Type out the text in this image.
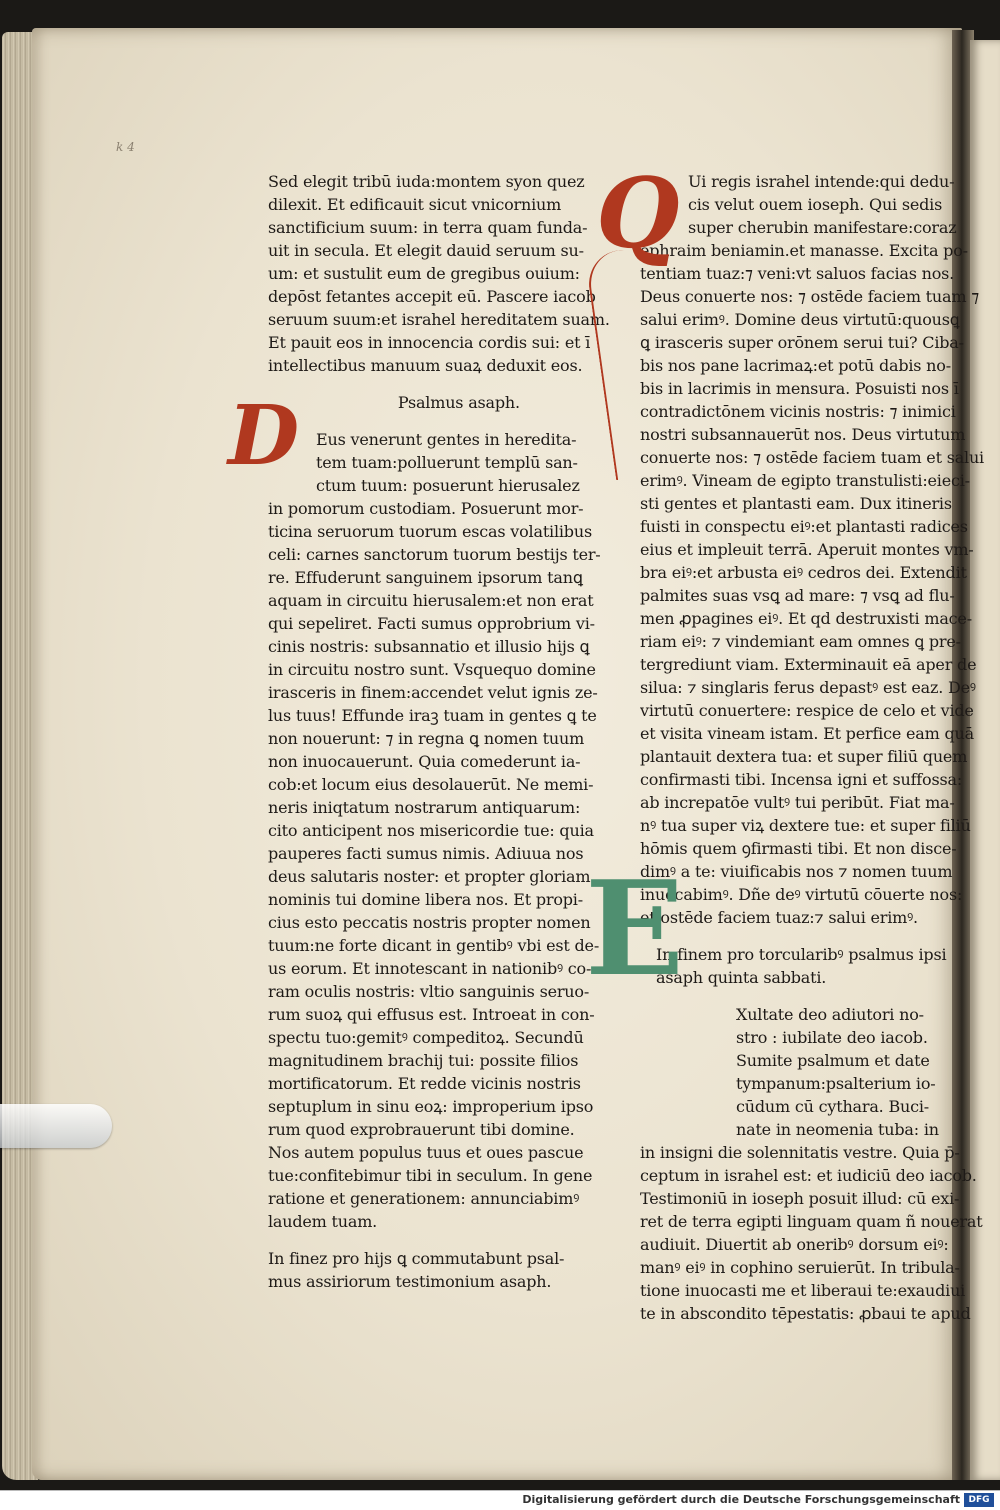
k 4
Sed elegit tribū iuda:montem syon quez
dilexit. Et edificauit sicut vnicornium
sanctificium suum: in terra quam funda-
uit in secula. Et elegit dauid seruum su-
um: et sustulit eum de gregibus ouium:
depōst fetantes accepit eū. Pascere iacob
seruum suum:et israhel hereditatem suam.
Et pauit eos in innocencia cordis sui: et ī
intellectibus manuum suaꝝ deduxit eos.
Psalmus asaph.
Eus venerunt gentes in heredita-
tem tuam:polluerunt templū san-
ctum tuum: posuerunt hierusalez
in pomorum custodiam. Posuerunt mor-
ticina seruorum tuorum escas volatilibus
celi: carnes sanctorum tuorum bestijs ter-
re. Effuderunt sanguinem ipsorum tanꝗ
aquam in circuitu hierusalem:et non erat
qui sepeliret. Facti sumus opprobrium vi-
cinis nostris: subsannatio et illusio hijs ꝗ
in circuitu nostro sunt. Vsquequo domine
irasceris in finem:accendet velut ignis ze-
lus tuus! Effunde iraꝫ tuam in gentes ꝗ te
non nouerunt: ⁊ in regna ꝗ nomen tuum
non inuocauerunt. Quia comederunt ia-
cob:et locum eius desolauerūt. Ne memi-
neris iniqtatum nostrarum antiquarum:
cito anticipent nos misericordie tue: quia
pauperes facti sumus nimis. Adiuua nos
deus salutaris noster: et propter gloriam
nominis tui domine libera nos. Et propi-
cius esto peccatis nostris propter nomen
tuum:ne forte dicant in gentibꝰ vbi est de-
us eorum. Et innotescant in nationibꝰ co-
ram oculis nostris: vltio sanguinis seruo-
rum suoꝝ qui effusus est. Introeat in con-
spectu tuo:gemitꝰ compeditoꝝ. Secundū
magnitudinem brachij tui: possite filios
mortificatorum. Et redde vicinis nostris
septuplum in sinu eoꝝ: improperium ipso
rum quod exprobrauerunt tibi domine.
Nos autem populus tuus et oues pascue
tue:confitebimur tibi in seculum. In gene
ratione et generationem: annunciabimꝰ
laudem tuam.
In finez pro hijs ꝗ commutabunt psal-
mus assiriorum testimonium asaph.
D
Ui regis israhel intende:qui dedu-
cis velut ouem ioseph. Qui sedis
super cherubin manifestare:coraz
ephraim beniamin.et manasse. Excita po-
tentiam tuaz:⁊ veni:vt saluos facias nos.
Deus conuerte nos: ⁊ ostēde faciem tuam ⁊
salui erimꝰ. Domine deus virtutū:quousꝗ
ꝗ irasceris super orōnem serui tui? Ciba-
bis nos pane lacrimaꝝ:et potū dabis no-
bis in lacrimis in mensura. Posuisti nos ī
contradictōnem vicinis nostris: ⁊ inimici
nostri subsannauerūt nos. Deus virtutum
conuerte nos: ⁊ ostēde faciem tuam et salui
erimꝰ. Vineam de egipto transtulisti:eieci-
sti gentes et plantasti eam. Dux itineris
fuisti in conspectu eiꝰ:et plantasti radices
eius et impleuit terrā. Aperuit montes vm-
bra eiꝰ:et arbusta eiꝰ cedros dei. Extendit
palmites suas vsꝗ ad mare: ⁊ vsꝗ ad flu-
men ꝓpagines eiꝰ. Et qd destruxisti mace-
riam eiꝰ: ⁊ vindemiant eam omnes ꝗ pre-
tergrediunt viam. Exterminauit eā aper de
silua: ⁊ singlaris ferus depastꝰ est eaz. Deꝰ
virtutū conuertere: respice de celo et vide
et visita vineam istam. Et perfice eam quā
plantauit dextera tua: et super filiū quem
confirmasti tibi. Incensa igni et suffossa:
ab increpatōe vultꝰ tui peribūt. Fiat ma-
nꝰ tua super viꝝ dextere tue: et super filiū
hōmis quem ꝯfirmasti tibi. Et non disce-
dimꝰ a te: viuificabis nos ⁊ nomen tuum
inuocabimꝰ. Dñe deꝰ virtutū cōuerte nos:
et ostēde faciem tuaz:⁊ salui erimꝰ.
In finem pro torcularibꝰ psalmus ipsi
asaph quinta sabbati.
Xultate deo adiutori no-
stro : iubilate deo iacob.
Sumite psalmum et date
tympanum:psalterium io-
cūdum cū cythara. Buci-
nate in neomenia tuba: in
in insigni die solennitatis vestre. Quia p̄-
ceptum in israhel est: et iudiciū deo iacob.
Testimoniū in ioseph posuit illud: cū exi-
ret de terra egipti linguam quam ñ nouerat
audiuit. Diuertit ab oneribꝰ dorsum eiꝰ:
manꝰ eiꝰ in cophino seruierūt. In tribula-
tione inuocasti me et liberaui te:exaudiui
te in abscondito tēpestatis: ꝓbaui te apud
Q
E
Digitalisierung gefördert durch die Deutsche Forschungsgemeinschaft DFG
